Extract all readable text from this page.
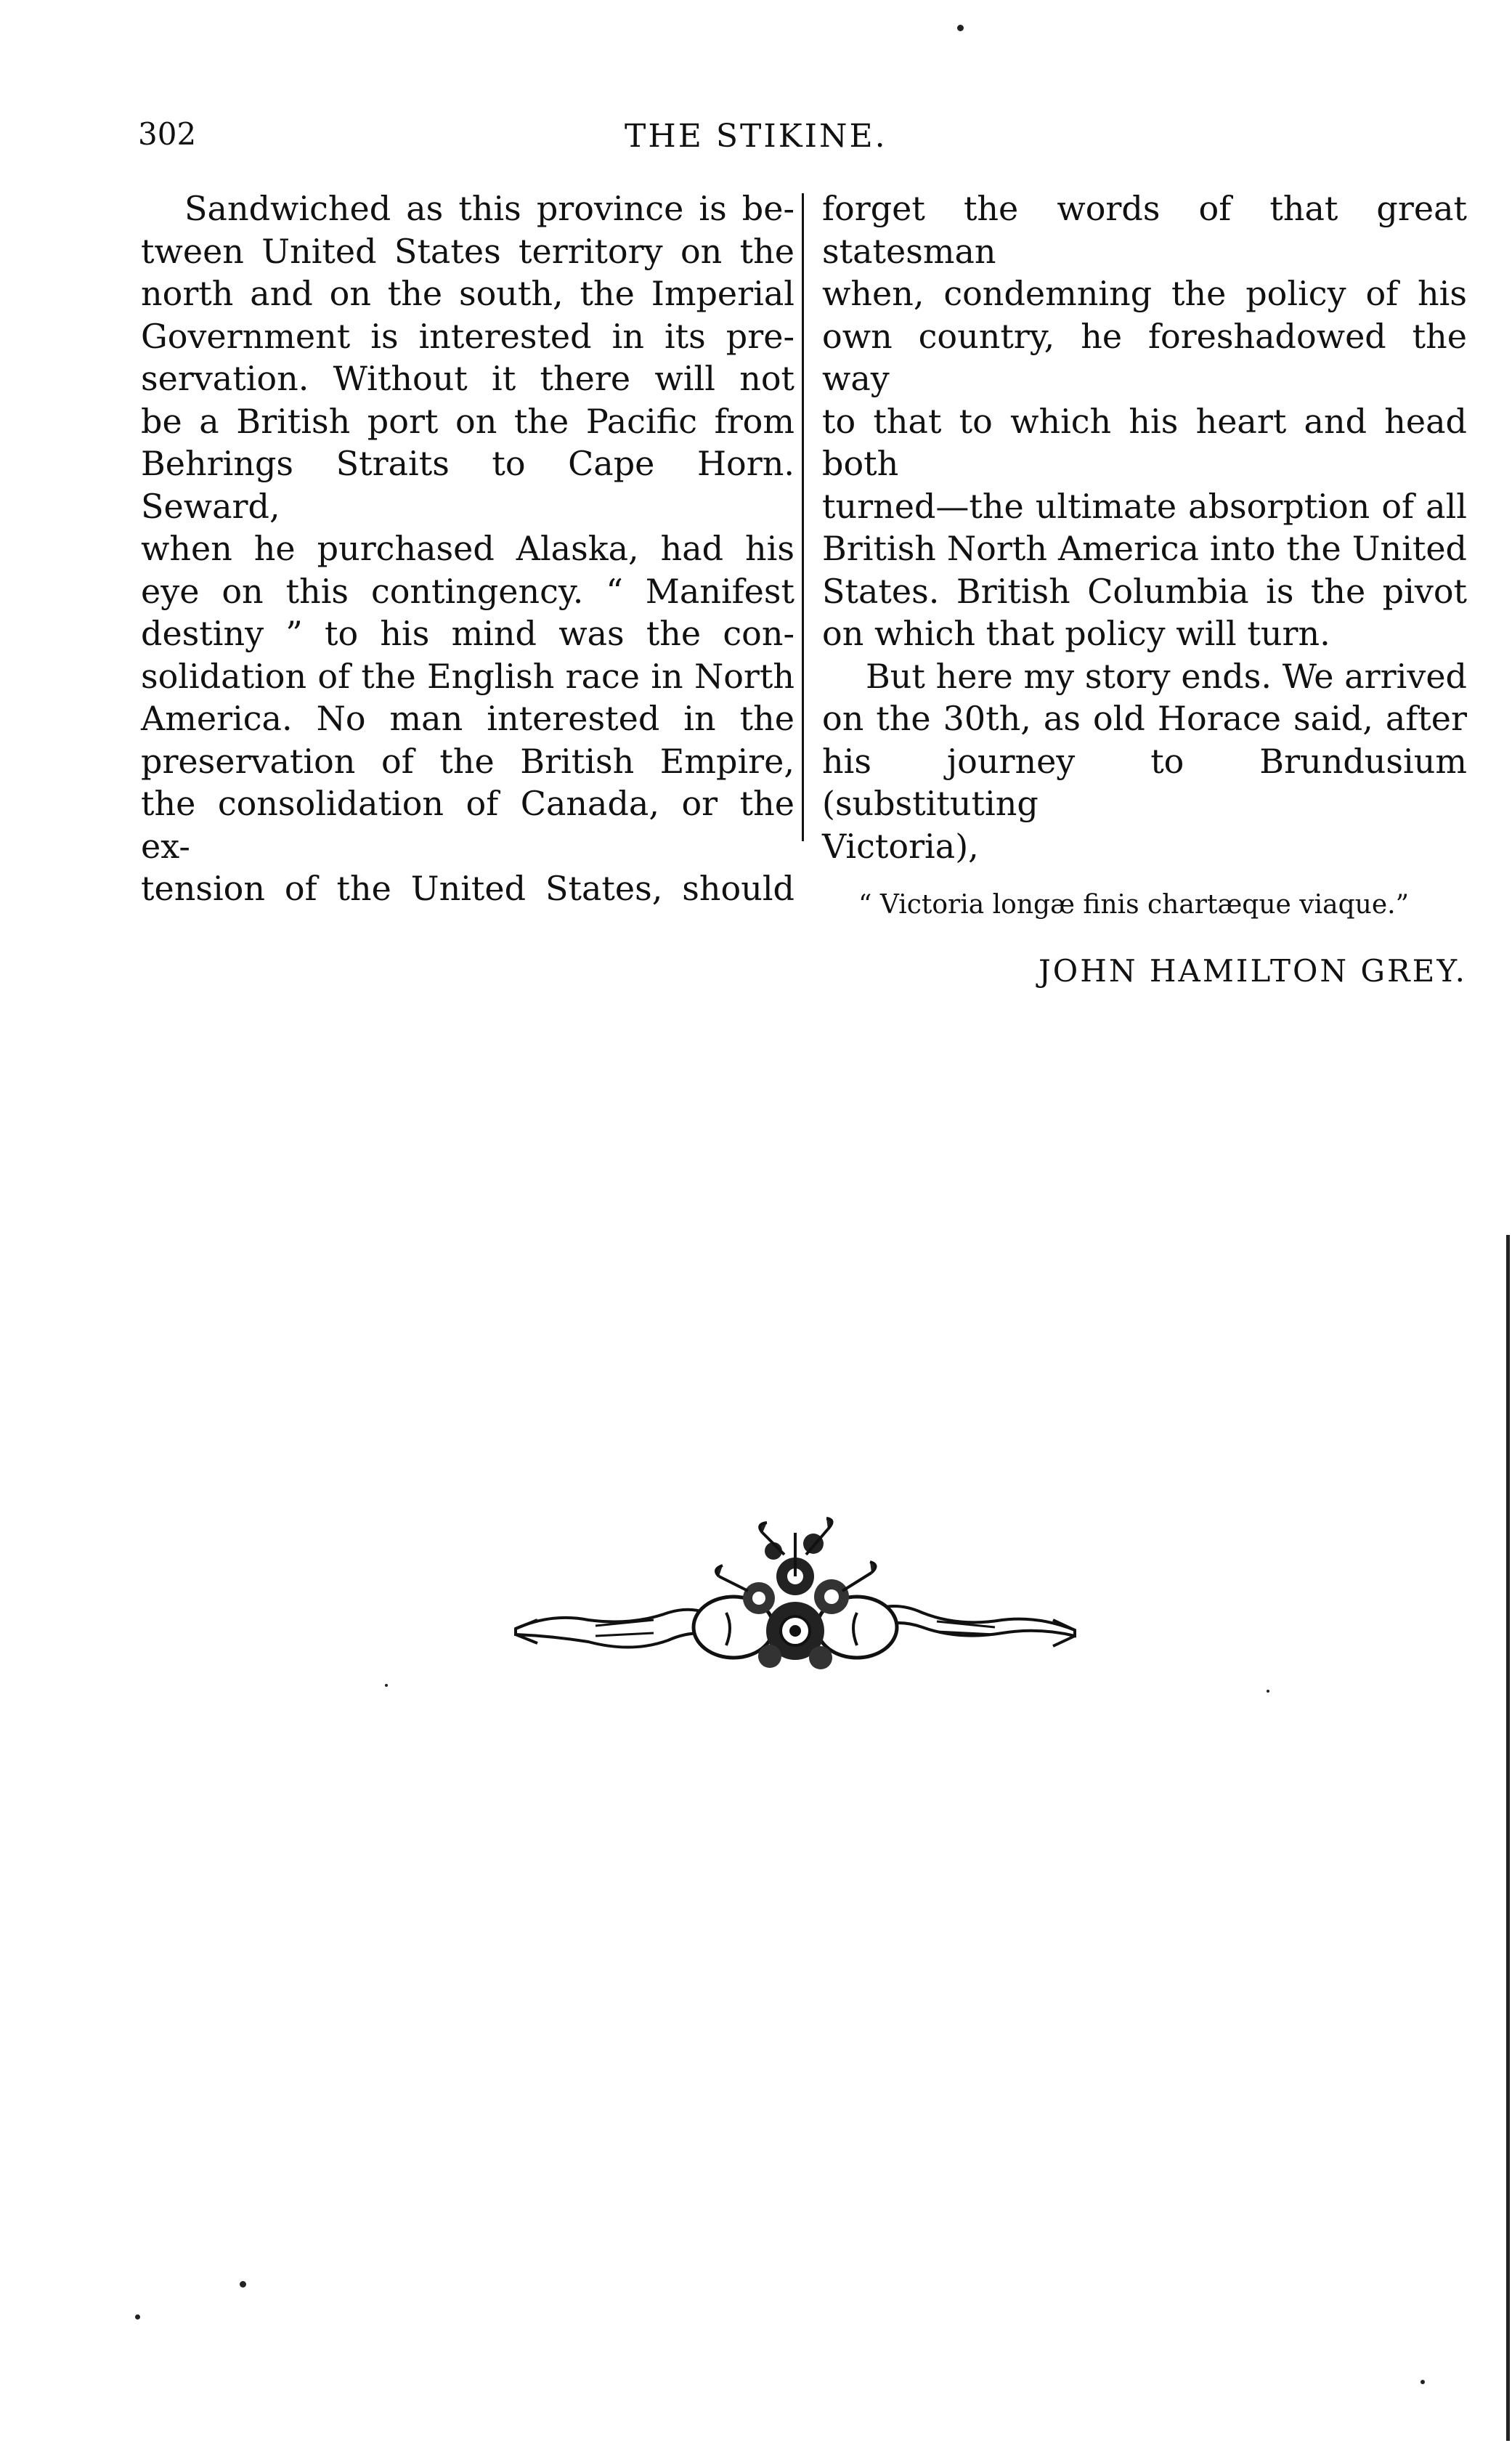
302	THE STIKINE.

Sandwiched as this province is be-

tween United States territory on the

north and on the south, the Imperial

Government is interested in its pre-

servation. Without it there will not

be a British port on the Pacific from

Behrings Straits to Cape Horn. Seward,

when he purchased Alaska, had his

eye on this contingency. “ Manifest

destiny ” to his mind was the con-

solidation of the English race in North

America. No man interested in the

preservation of the British Empire,

the consolidation of Canada, or the ex-

tension of the United States, should

forget the words of that great statesman

when, condemning the policy of his

own country, he foreshadowed the way

to that to which his heart and head both

turned—the ultimate absorption of all

British North America into the United

States. British Columbia is the pivot

on which that policy will turn.

But here my story ends. We arrived

on the 30th, as old Horace said, after

his journey to Brundusium (substituting

Victoria),

“ Victoria longæ finis chartæque viaque.”

JOHN HAMILTON GREY.
